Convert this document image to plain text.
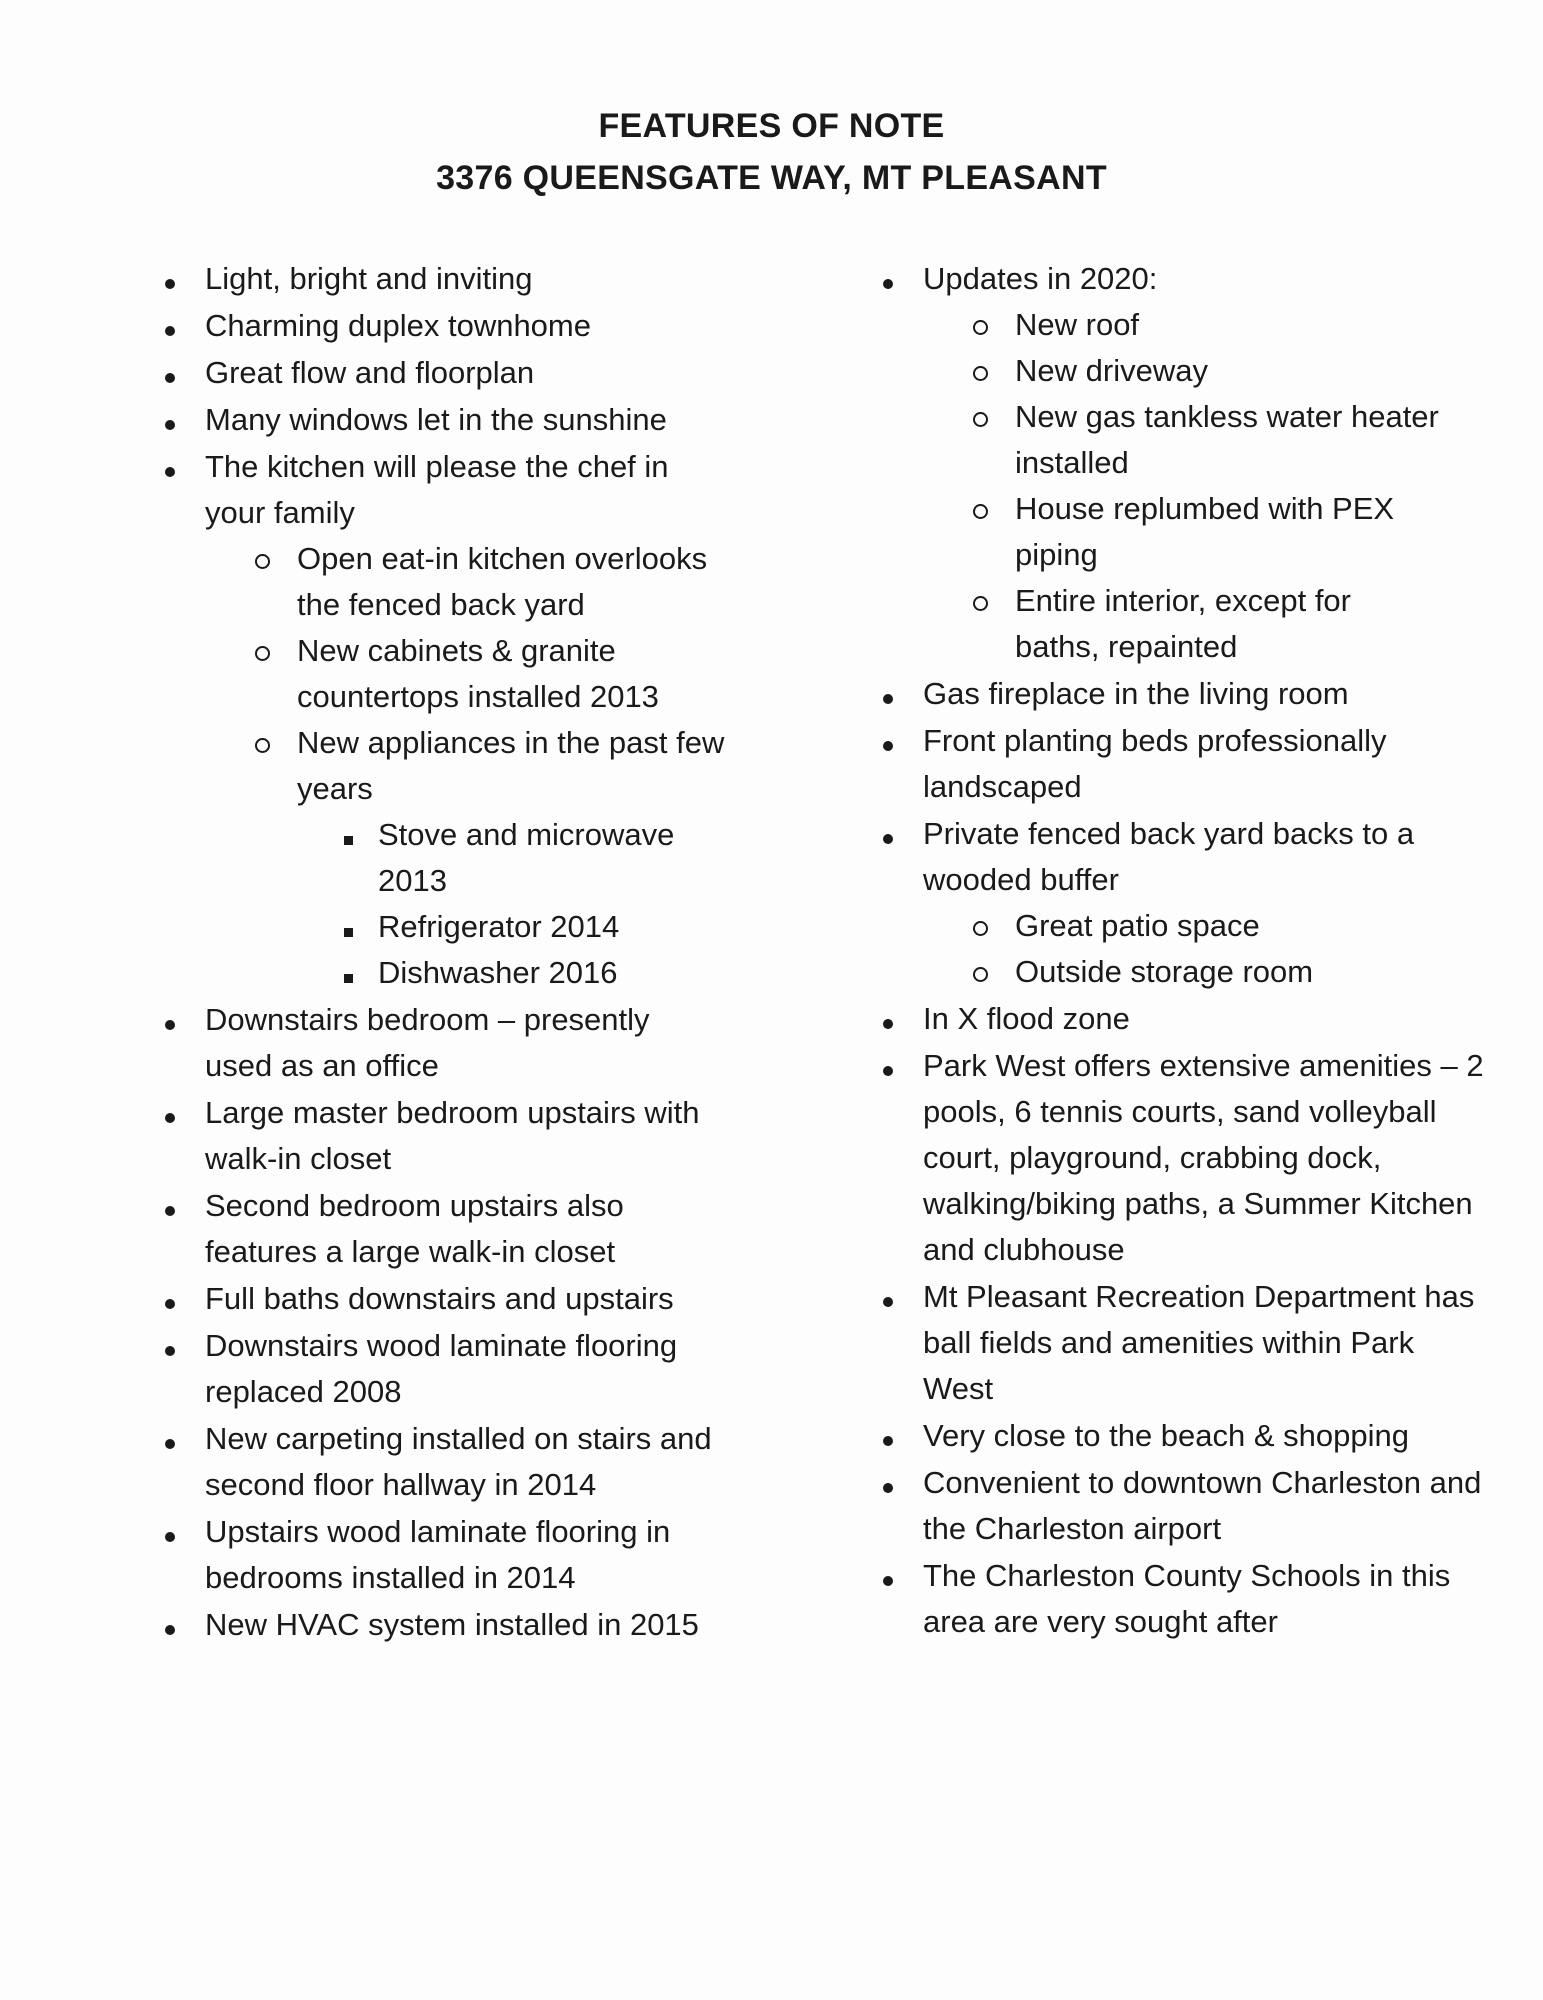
FEATURES OF NOTE
3376 QUEENSGATE WAY, MT PLEASANT
Light, bright and inviting
Charming duplex townhome
Great flow and floorplan
Many windows let in the sunshine
The kitchen will please the chef in your family
Open eat-in kitchen overlooks the fenced back yard
New cabinets & granite countertops installed 2013
New appliances in the past few years
Stove and microwave 2013
Refrigerator 2014
Dishwasher 2016
Downstairs bedroom – presently used as an office
Large master bedroom upstairs with walk-in closet
Second bedroom upstairs also features a large walk-in closet
Full baths downstairs and upstairs
Downstairs wood laminate flooring replaced 2008
New carpeting installed on stairs and second floor hallway in 2014
Upstairs wood laminate flooring in bedrooms installed in 2014
New HVAC system installed in 2015
Updates in 2020:
New roof
New driveway
New gas tankless water heater installed
House replumbed with PEX piping
Entire interior, except for baths, repainted
Gas fireplace in the living room
Front planting beds professionally landscaped
Private fenced back yard backs to a wooded buffer
Great patio space
Outside storage room
In X flood zone
Park West offers extensive amenities – 2 pools, 6 tennis courts, sand volleyball court, playground, crabbing dock, walking/biking paths, a Summer Kitchen and clubhouse
Mt Pleasant Recreation Department has ball fields and amenities within Park West
Very close to the beach & shopping
Convenient to downtown Charleston and the Charleston airport
The Charleston County Schools in this area are very sought after
